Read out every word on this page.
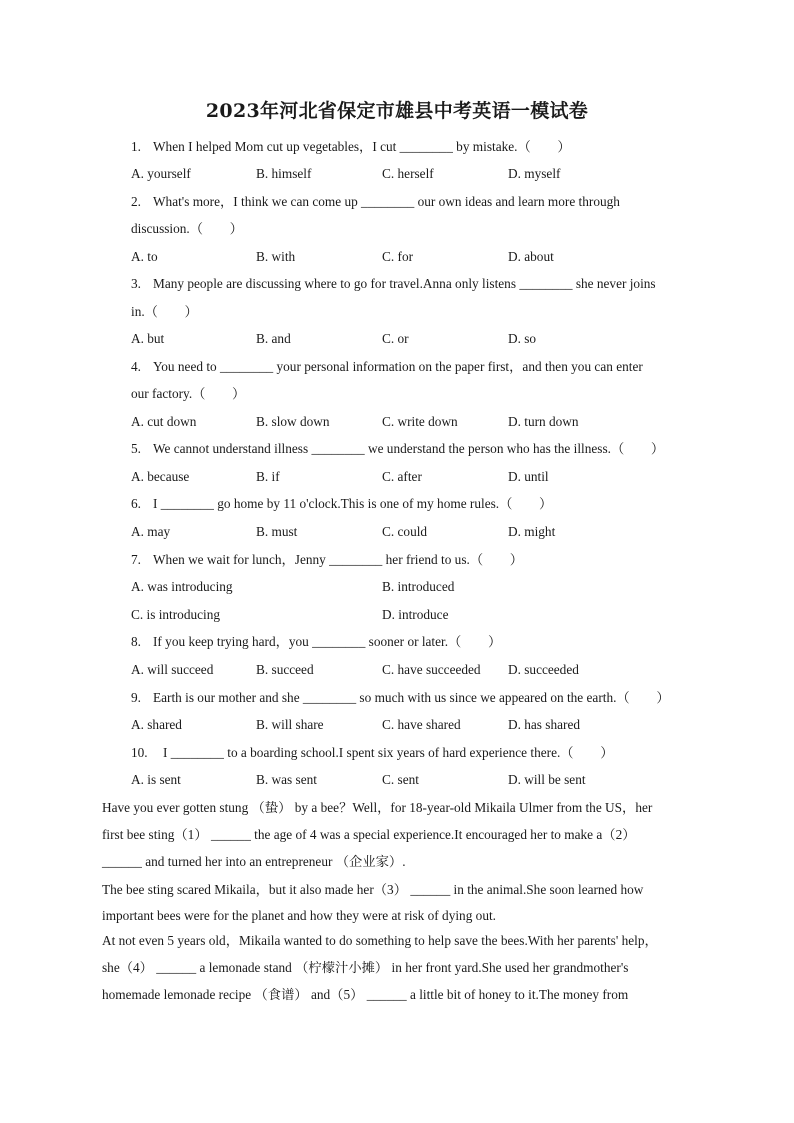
2023年河北省保定市雄县中考英语一模试卷
1. When I helped Mom cut up vegetables，I cut ________ by mistake.（　　）
A. yourself	B. himself	C. herself	D. myself
2. What's more，I think we can come up ________ our own ideas and learn more through
discussion.（　　）
A. to	B. with	C. for	D. about
3. Many people are discussing where to go for travel.Anna only listens ________ she never joins
in.（　　）
A. but	B. and	C. or	D. so
4. You need to ________ your personal information on the paper first，and then you can enter
our factory.（　　）
A. cut down	B. slow down	C. write down	D. turn down
5. We cannot understand illness ________ we understand the person who has the illness.（　　）
A. because	B. if	C. after	D. until
6. I ________ go home by 11 o'clock.This is one of my home rules.（　　）
A. may	B. must	C. could	D. might
7. When we wait for lunch，Jenny ________ her friend to us.（　　）
A. was introducing	B. introduced
C. is introducing	D. introduce
8. If you keep trying hard，you ________ sooner or later.（　　）
A. will succeed	B. succeed	C. have succeeded D. succeeded
9. Earth is our mother and she ________ so much with us since we appeared on the earth.（　　）
A. shared	B. will share	C. have shared	D. has shared
10. I ________ to a boarding school.I spent six years of hard experience there.（　　）
A. is sent	B. was sent	C. sent	D. will be sent
Have you ever gotten stung （蛰） by a bee？Well，for 18-year-old Mikaila Ulmer from the US，her
first bee sting（1） ______ the age of 4 was a special experience.It encouraged her to make a（2）
______ and turned her into an entrepreneur （企业家）.
The bee sting scared Mikaila，but it also made her（3） ______ in the animal.She soon learned how
important bees were for the planet and how they were at risk of dying out.
At not even 5 years old，Mikaila wanted to do something to help save the bees.With her parents' help，
she（4） ______ a lemonade stand （柠檬汁小摊） in her front yard.She used her grandmother's
homemade lemonade recipe （食谱） and（5） ______ a little bit of honey to it.The money from
